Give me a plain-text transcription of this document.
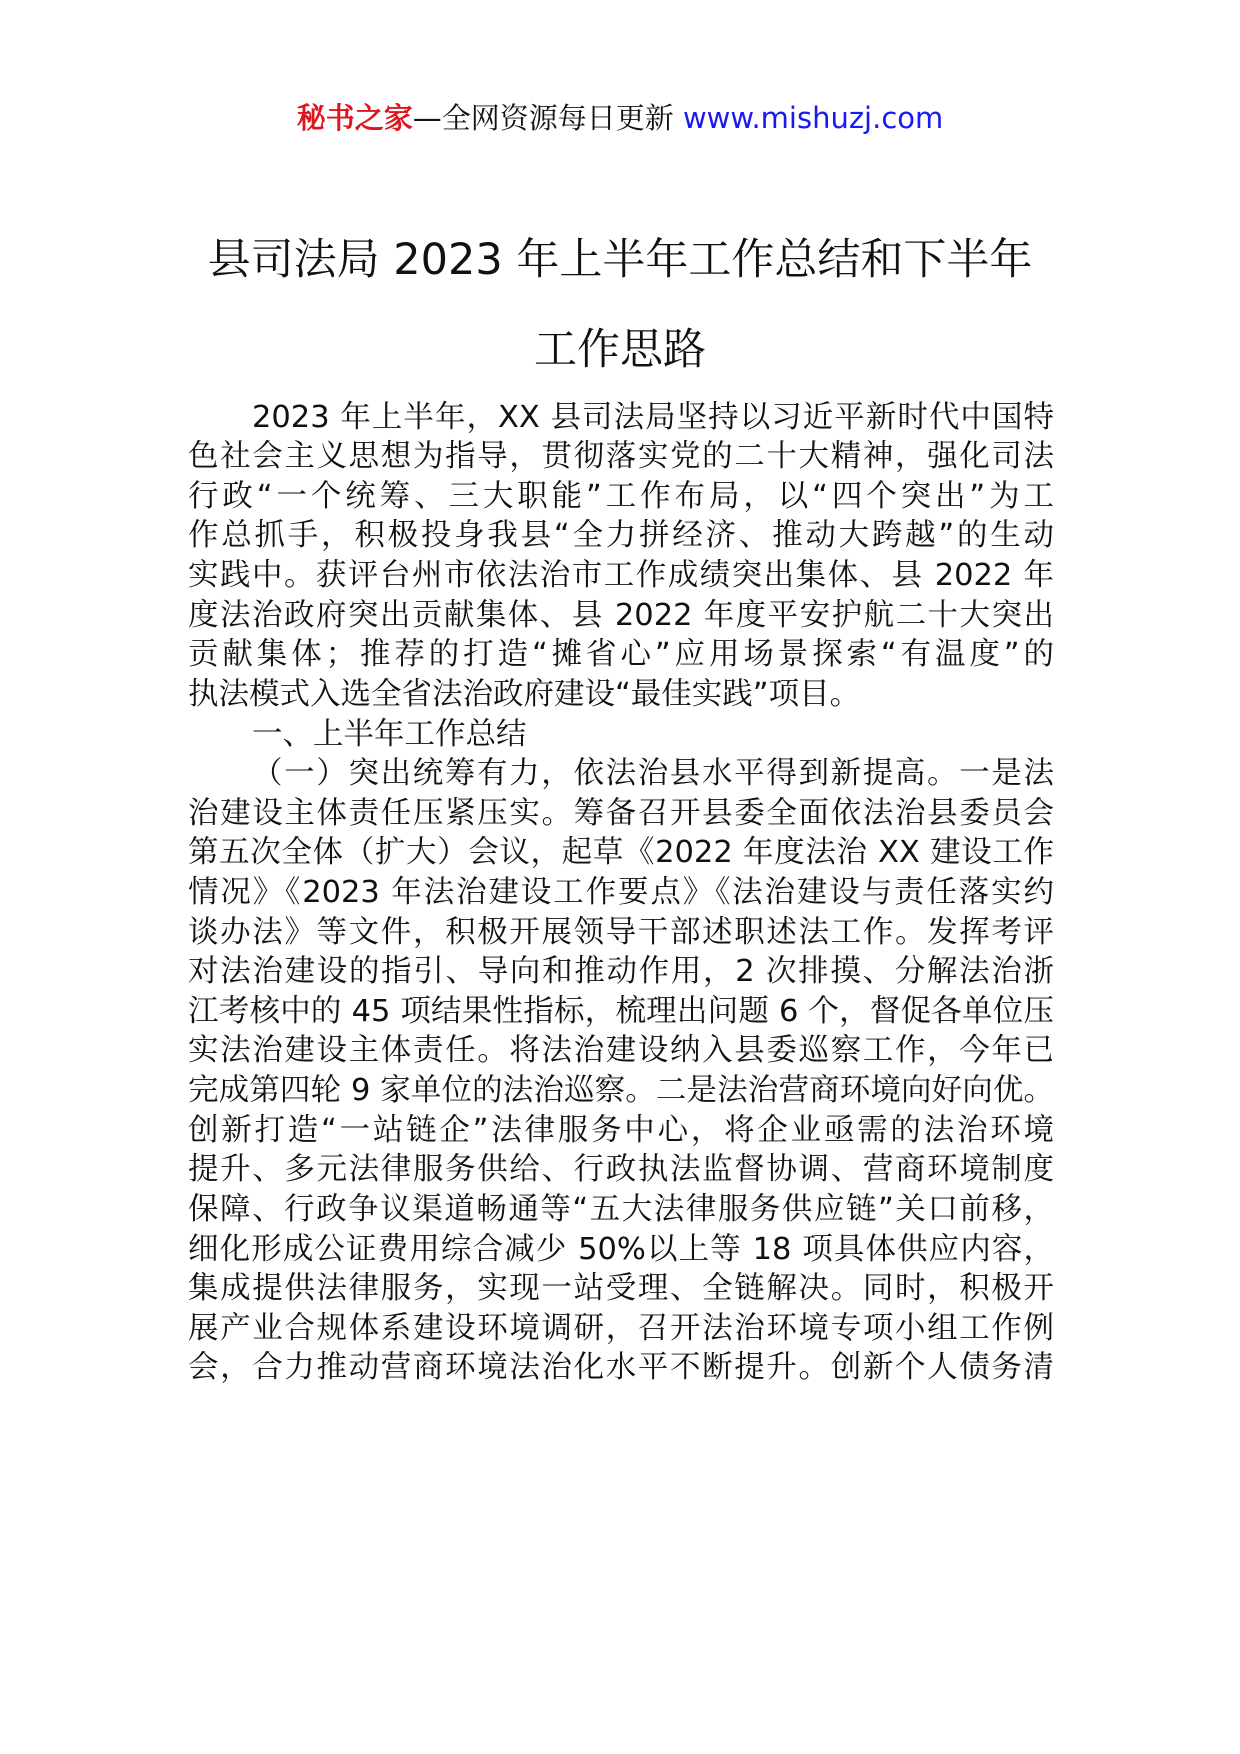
秘书之家—全网资源每日更新 www.mishuzj.com
县司法局 2023 年上半年工作总结和下半年
工作思路
2023 年上半年，XX 县司法局坚持以习近平新时代中国特
色社会主义思想为指导，贯彻落实党的二十大精神，强化司法
行政“一个统筹、三大职能”工作布局，以“四个突出”为工
作总抓手，积极投身我县“全力拼经济、推动大跨越”的生动
实践中。获评台州市依法治市工作成绩突出集体、县 2022 年
度法治政府突出贡献集体、县 2022 年度平安护航二十大突出
贡献集体；推荐的打造“摊省心”应用场景探索“有温度”的
执法模式入选全省法治政府建设“最佳实践”项目。
一、上半年工作总结
（一）突出统筹有力，依法治县水平得到新提高。一是法
治建设主体责任压紧压实。筹备召开县委全面依法治县委员会
第五次全体（扩大）会议，起草《2022 年度法治 XX 建设工作
情况》《2023 年法治建设工作要点》《法治建设与责任落实约
谈办法》等文件，积极开展领导干部述职述法工作。发挥考评
对法治建设的指引、导向和推动作用，2 次排摸、分解法治浙
江考核中的 45 项结果性指标，梳理出问题 6 个，督促各单位压
实法治建设主体责任。将法治建设纳入县委巡察工作，今年已
完成第四轮 9 家单位的法治巡察。二是法治营商环境向好向优。
创新打造“一站链企”法律服务中心，将企业亟需的法治环境
提升、多元法律服务供给、行政执法监督协调、营商环境制度
保障、行政争议渠道畅通等“五大法律服务供应链”关口前移，
细化形成公证费用综合减少 50%以上等 18 项具体供应内容，
集成提供法律服务，实现一站受理、全链解决。同时，积极开
展产业合规体系建设环境调研，召开法治环境专项小组工作例
会，合力推动营商环境法治化水平不断提升。创新个人债务清
